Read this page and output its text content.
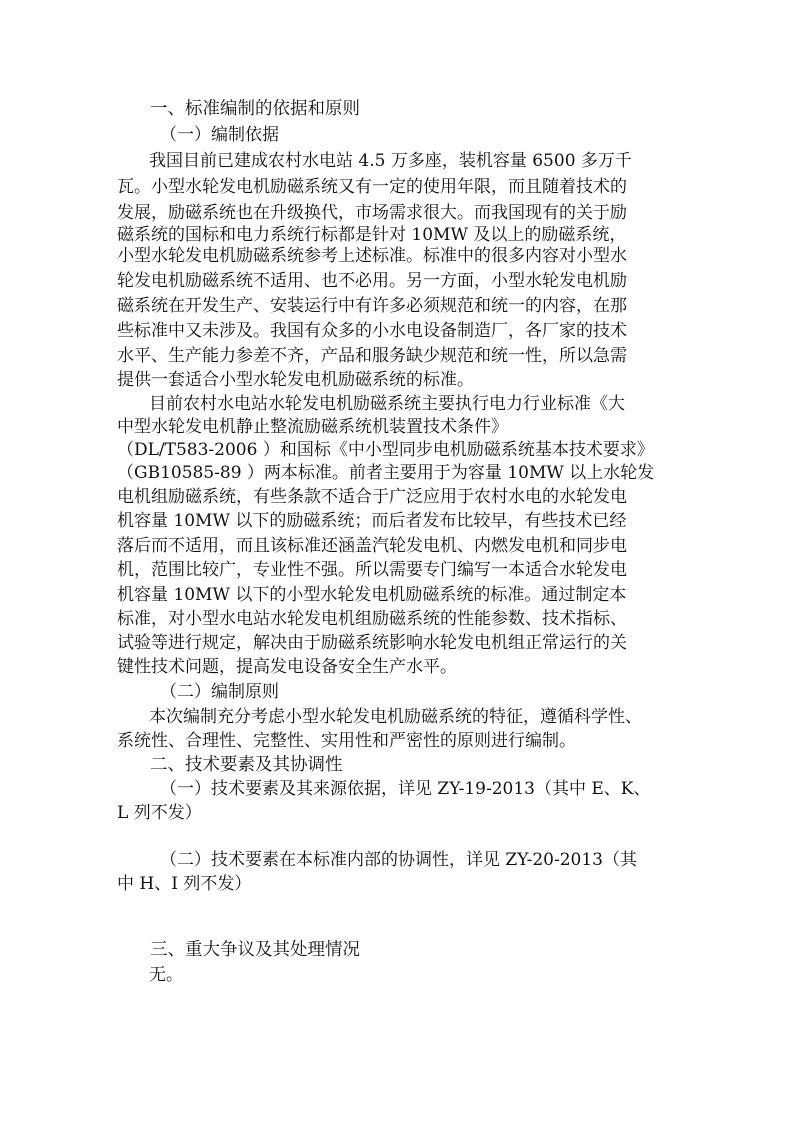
一、标准编制的依据和原则
（一）编制依据
我国目前已建成农村水电站 4.5 万多座，装机容量 6500 多万千
瓦。小型水轮发电机励磁系统又有一定的使用年限，而且随着技术的
发展，励磁系统也在升级换代，市场需求很大。而我国现有的关于励
磁系统的国标和电力系统行标都是针对 10MW 及以上的励磁系统，
小型水轮发电机励磁系统参考上述标准。标准中的很多内容对小型水
轮发电机励磁系统不适用、也不必用。另一方面，小型水轮发电机励
磁系统在开发生产、安装运行中有许多必须规范和统一的内容，在那
些标准中又未涉及。我国有众多的小水电设备制造厂，各厂家的技术
水平、生产能力参差不齐，产品和服务缺少规范和统一性，所以急需
提供一套适合小型水轮发电机励磁系统的标准。
目前农村水电站水轮发电机励磁系统主要执行电力行业标准《大
中型水轮发电机静止整流励磁系统机装置技术条件》
（DL/T583-2006 ）和国标《中小型同步电机励磁系统基本技术要求》
（GB10585-89 ）两本标准。前者主要用于为容量 10MW 以上水轮发
电机组励磁系统，有些条款不适合于广泛应用于农村水电的水轮发电
机容量 10MW 以下的励磁系统；而后者发布比较早，有些技术已经
落后而不适用，而且该标准还涵盖汽轮发电机、内燃发电机和同步电
机，范围比较广，专业性不强。所以需要专门编写一本适合水轮发电
机容量 10MW 以下的小型水轮发电机励磁系统的标准。通过制定本
标准，对小型水电站水轮发电机组励磁系统的性能参数、技术指标、
试验等进行规定，解决由于励磁系统影响水轮发电机组正常运行的关
键性技术问题，提高发电设备安全生产水平。
（二）编制原则
本次编制充分考虑小型水轮发电机励磁系统的特征，遵循科学性、
系统性、合理性、完整性、实用性和严密性的原则进行编制。
二、技术要素及其协调性
（一）技术要素及其来源依据，详见 ZY-19-2013（其中 E、K、
L 列不发）
（二）技术要素在本标准内部的协调性，详见 ZY-20-2013（其
中 H、I 列不发）
三、重大争议及其处理情况
无。
